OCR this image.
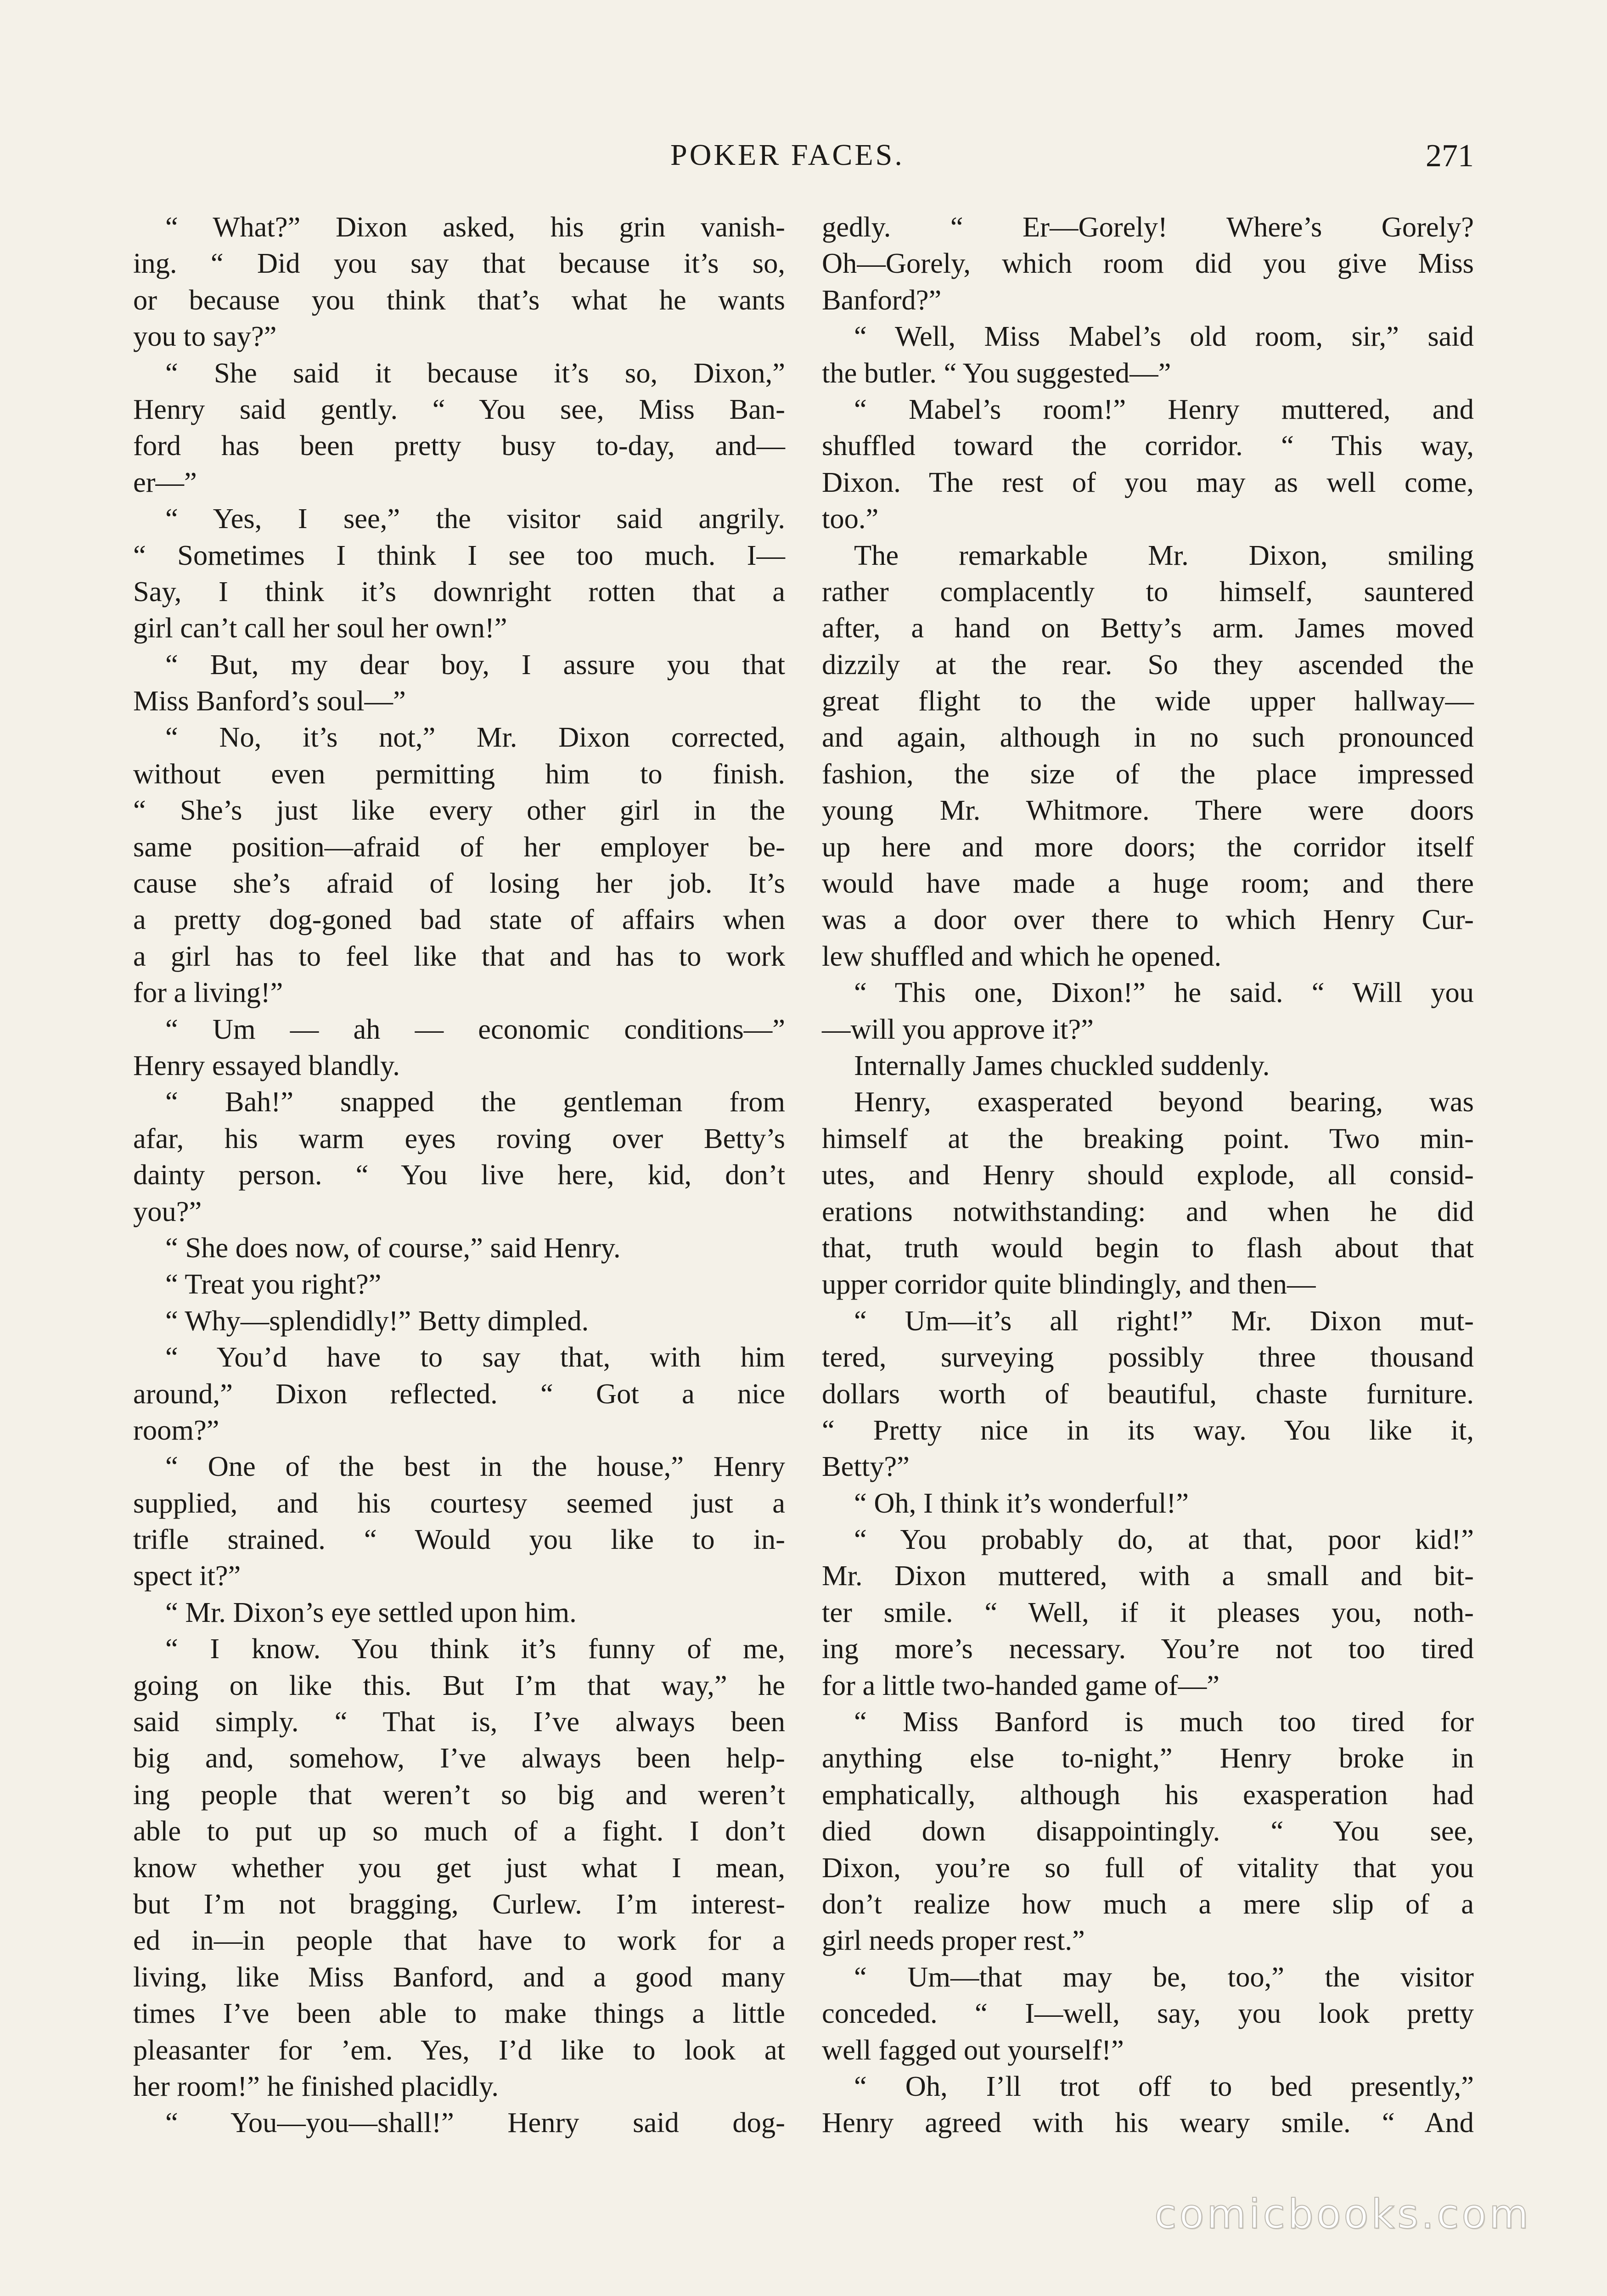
POKER FACES.	271
“ What?” Dixon asked, his grin vanish-
ing. “ Did you say that because it’s so,
or because you think that’s what he wants
you to say?”
“ She said it because it’s so, Dixon,”
Henry said gently. “ You see, Miss Ban-
ford has been pretty busy to-day, and—
er—”
“ Yes, I see,” the visitor said angrily.
“ Sometimes I think I see too much. I—
Say, I think it’s downright rotten that a
girl can’t call her soul her own!”
“ But, my dear boy, I assure you that
Miss Banford’s soul—”
“ No, it’s not,” Mr. Dixon corrected,
without even permitting him to finish.
“ She’s just like every other girl in the
same position—afraid of her employer be-
cause she’s afraid of losing her job. It’s
a pretty dog-goned bad state of affairs when
a girl has to feel like that and has to work
for a living!”
“ Um — ah — economic conditions—”
Henry essayed blandly.
“ Bah!” snapped the gentleman from
afar, his warm eyes roving over Betty’s
dainty person. “ You live here, kid, don’t
you?”
“ She does now, of course,” said Henry.
“ Treat you right?”
“ Why—splendidly!” Betty dimpled.
“ You’d have to say that, with him
around,” Dixon reflected. “ Got a nice
room?”
“ One of the best in the house,” Henry
supplied, and his courtesy seemed just a
trifle strained. “ Would you like to in-
spect it?”
“ Mr. Dixon’s eye settled upon him.
“ I know. You think it’s funny of me,
going on like this. But I’m that way,” he
said simply. “ That is, I’ve always been
big and, somehow, I’ve always been help-
ing people that weren’t so big and weren’t
able to put up so much of a fight. I don’t
know whether you get just what I mean,
but I’m not bragging, Curlew. I’m interest-
ed in—in people that have to work for a
living, like Miss Banford, and a good many
times I’ve been able to make things a little
pleasanter for ’em. Yes, I’d like to look at
her room!” he finished placidly.
“ You—you—shall!” Henry said dog-
gedly. “ Er—Gorely! Where’s Gorely?
Oh—Gorely, which room did you give Miss
Banford?”
“ Well, Miss Mabel’s old room, sir,” said
the butler. “ You suggested—”
“ Mabel’s room!” Henry muttered, and
shuffled toward the corridor. “ This way,
Dixon. The rest of you may as well come,
too.”
The remarkable Mr. Dixon, smiling
rather complacently to himself, sauntered
after, a hand on Betty’s arm. James moved
dizzily at the rear. So they ascended the
great flight to the wide upper hallway—
and again, although in no such pronounced
fashion, the size of the place impressed
young Mr. Whitmore. There were doors
up here and more doors; the corridor itself
would have made a huge room; and there
was a door over there to which Henry Cur-
lew shuffled and which he opened.
“ This one, Dixon!” he said. “ Will you
—will you approve it?”
Internally James chuckled suddenly.
Henry, exasperated beyond bearing, was
himself at the breaking point. Two min-
utes, and Henry should explode, all consid-
erations notwithstanding: and when he did
that, truth would begin to flash about that
upper corridor quite blindingly, and then—
“ Um—it’s all right!” Mr. Dixon mut-
tered, surveying possibly three thousand
dollars worth of beautiful, chaste furniture.
“ Pretty nice in its way. You like it,
Betty?”
“ Oh, I think it’s wonderful!”
“ You probably do, at that, poor kid!”
Mr. Dixon muttered, with a small and bit-
ter smile. “ Well, if it pleases you, noth-
ing more’s necessary. You’re not too tired
for a little two-handed game of—”
“ Miss Banford is much too tired for
anything else to-night,” Henry broke in
emphatically, although his exasperation had
died down disappointingly. “ You see,
Dixon, you’re so full of vitality that you
don’t realize how much a mere slip of a
girl needs proper rest.”
“ Um—that may be, too,” the visitor
conceded. “ I—well, say, you look pretty
well fagged out yourself!”
“ Oh, I’ll trot off to bed presently,”
Henry agreed with his weary smile. “ And
comicbooks.com
